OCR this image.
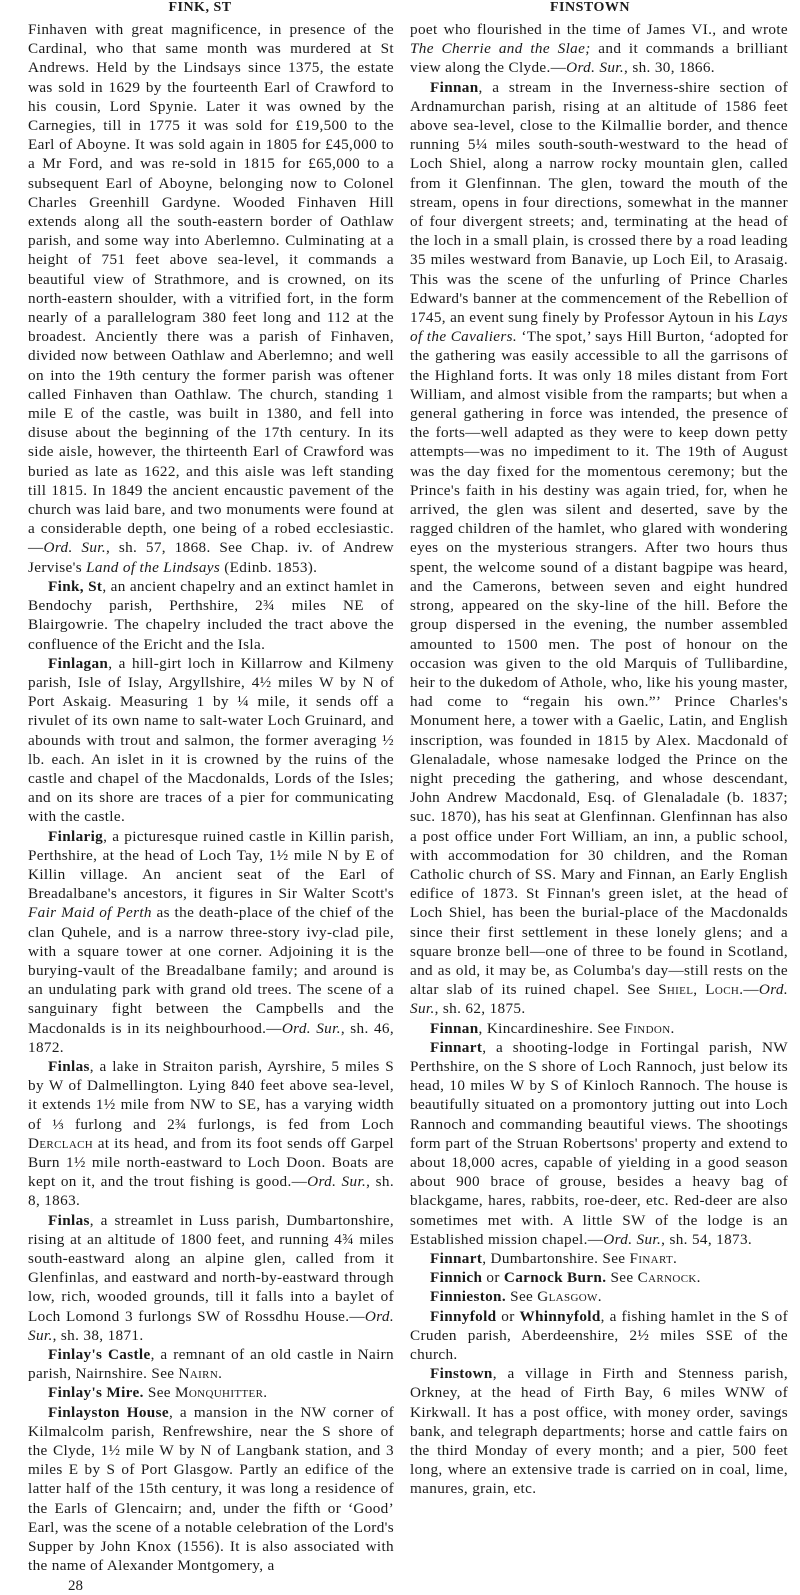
FINK, ST	FINSTOWN

Finhaven with great magnificence, in presence of the Cardinal, who that same month was murdered at St Andrews. Held by the Lindsays since 1375, the estate was sold in 1629 by the fourteenth Earl of Crawford to his cousin, Lord Spynie. Later it was owned by the Carnegies, till in 1775 it was sold for £19,500 to the Earl of Aboyne. It was sold again in 1805 for £45,000 to a Mr Ford, and was re-sold in 1815 for £65,000 to a subsequent Earl of Aboyne, belonging now to Colonel Charles Greenhill Gardyne. Wooded Finhaven Hill extends along all the south-eastern border of Oathlaw parish, and some way into Aberlemno. Culminating at a height of 751 feet above sea-level, it commands a beautiful view of Strathmore, and is crowned, on its north-eastern shoulder, with a vitrified fort, in the form nearly of a parallelogram 380 feet long and 112 at the broadest. Anciently there was a parish of Finhaven, divided now between Oathlaw and Aberlemno; and well on into the 19th century the former parish was oftener called Finhaven than Oathlaw. The church, standing 1 mile E of the castle, was built in 1380, and fell into disuse about the beginning of the 17th century. In its side aisle, however, the thirteenth Earl of Crawford was buried as late as 1622, and this aisle was left standing till 1815. In 1849 the ancient encaustic pavement of the church was laid bare, and two monuments were found at a considerable depth, one being of a robed ecclesiastic.—Ord. Sur., sh. 57, 1868. See Chap. iv. of Andrew Jervise's Land of the Lindsays (Edinb. 1853).

Fink, St, an ancient chapelry and an extinct hamlet in Bendochy parish, Perthshire, 2¾ miles NE of Blairgowrie. The chapelry included the tract above the confluence of the Ericht and the Isla.

Finlagan, a hill-girt loch in Killarrow and Kilmeny parish, Isle of Islay, Argyllshire, 4½ miles W by N of Port Askaig. Measuring 1 by ¼ mile, it sends off a rivulet of its own name to salt-water Loch Gruinard, and abounds with trout and salmon, the former averaging ½ lb. each. An islet in it is crowned by the ruins of the castle and chapel of the Macdonalds, Lords of the Isles; and on its shore are traces of a pier for communicating with the castle.

Finlarig, a picturesque ruined castle in Killin parish, Perthshire, at the head of Loch Tay, 1½ mile N by E of Killin village. An ancient seat of the Earl of Breadalbane's ancestors, it figures in Sir Walter Scott's Fair Maid of Perth as the death-place of the chief of the clan Quhele, and is a narrow three-story ivy-clad pile, with a square tower at one corner. Adjoining it is the burying-vault of the Breadalbane family; and around is an undulating park with grand old trees. The scene of a sanguinary fight between the Campbells and the Macdonalds is in its neighbourhood.—Ord. Sur., sh. 46, 1872.

Finlas, a lake in Straiton parish, Ayrshire, 5 miles S by W of Dalmellington. Lying 840 feet above sea-level, it extends 1½ mile from NW to SE, has a varying width of ⅓ furlong and 2¾ furlongs, is fed from Loch Derclach at its head, and from its foot sends off Garpel Burn 1½ mile north-eastward to Loch Doon. Boats are kept on it, and the trout fishing is good.—Ord. Sur., sh. 8, 1863.

Finlas, a streamlet in Luss parish, Dumbartonshire, rising at an altitude of 1800 feet, and running 4¾ miles south-eastward along an alpine glen, called from it Glenfinlas, and eastward and north-by-eastward through low, rich, wooded grounds, till it falls into a baylet of Loch Lomond 3 furlongs SW of Rossdhu House.—Ord. Sur., sh. 38, 1871.

Finlay's Castle, a remnant of an old castle in Nairn parish, Nairnshire. See Nairn.

Finlay's Mire. See Monquhitter.

Finlayston House, a mansion in the NW corner of Kilmalcolm parish, Renfrewshire, near the S shore of the Clyde, 1½ mile W by N of Langbank station, and 3 miles E by S of Port Glasgow. Partly an edifice of the latter half of the 15th century, it was long a residence of the Earls of Glencairn; and, under the fifth or ‘Good’ Earl, was the scene of a notable celebration of the Lord's Supper by John Knox (1556). It is also associated with the name of Alexander Montgomery, a

28

poet who flourished in the time of James VI., and wrote The Cherrie and the Slae; and it commands a brilliant view along the Clyde.—Ord. Sur., sh. 30, 1866.

Finnan, a stream in the Inverness-shire section of Ardnamurchan parish, rising at an altitude of 1586 feet above sea-level, close to the Kilmallie border, and thence running 5¼ miles south-south-westward to the head of Loch Shiel, along a narrow rocky mountain glen, called from it Glenfinnan. The glen, toward the mouth of the stream, opens in four directions, somewhat in the manner of four divergent streets; and, terminating at the head of the loch in a small plain, is crossed there by a road leading 35 miles westward from Banavie, up Loch Eil, to Arasaig. This was the scene of the unfurling of Prince Charles Edward's banner at the commencement of the Rebellion of 1745, an event sung finely by Professor Aytoun in his Lays of the Cavaliers. ‘The spot,’ says Hill Burton, ‘adopted for the gathering was easily accessible to all the garrisons of the Highland forts. It was only 18 miles distant from Fort William, and almost visible from the ramparts; but when a general gathering in force was intended, the presence of the forts—well adapted as they were to keep down petty attempts—was no impediment to it. The 19th of August was the day fixed for the momentous ceremony; but the Prince's faith in his destiny was again tried, for, when he arrived, the glen was silent and deserted, save by the ragged children of the hamlet, who glared with wondering eyes on the mysterious strangers. After two hours thus spent, the welcome sound of a distant bagpipe was heard, and the Camerons, between seven and eight hundred strong, appeared on the sky-line of the hill. Before the group dispersed in the evening, the number assembled amounted to 1500 men. The post of honour on the occasion was given to the old Marquis of Tullibardine, heir to the dukedom of Athole, who, like his young master, had come to “regain his own.”’ Prince Charles's Monument here, a tower with a Gaelic, Latin, and English inscription, was founded in 1815 by Alex. Macdonald of Glenaladale, whose namesake lodged the Prince on the night preceding the gathering, and whose descendant, John Andrew Macdonald, Esq. of Glenaladale (b. 1837; suc. 1870), has his seat at Glenfinnan. Glenfinnan has also a post office under Fort William, an inn, a public school, with accommodation for 30 children, and the Roman Catholic church of SS. Mary and Finnan, an Early English edifice of 1873. St Finnan's green islet, at the head of Loch Shiel, has been the burial-place of the Macdonalds since their first settlement in these lonely glens; and a square bronze bell—one of three to be found in Scotland, and as old, it may be, as Columba's day—still rests on the altar slab of its ruined chapel. See Shiel, Loch.—Ord. Sur., sh. 62, 1875.

Finnan, Kincardineshire. See Findon.

Finnart, a shooting-lodge in Fortingal parish, NW Perthshire, on the S shore of Loch Rannoch, just below its head, 10 miles W by S of Kinloch Rannoch. The house is beautifully situated on a promontory jutting out into Loch Rannoch and commanding beautiful views. The shootings form part of the Struan Robertsons' property and extend to about 18,000 acres, capable of yielding in a good season about 900 brace of grouse, besides a heavy bag of blackgame, hares, rabbits, roe-deer, etc. Red-deer are also sometimes met with. A little SW of the lodge is an Established mission chapel.—Ord. Sur., sh. 54, 1873.

Finnart, Dumbartonshire. See Finart.

Finnich or Carnock Burn. See Carnock.

Finnieston. See Glasgow.

Finnyfold or Whinnyfold, a fishing hamlet in the S of Cruden parish, Aberdeenshire, 2½ miles SSE of the church.

Finstown, a village in Firth and Stenness parish, Orkney, at the head of Firth Bay, 6 miles WNW of Kirkwall. It has a post office, with money order, savings bank, and telegraph departments; horse and cattle fairs on the third Monday of every month; and a pier, 500 feet long, where an extensive trade is carried on in coal, lime, manures, grain, etc.
